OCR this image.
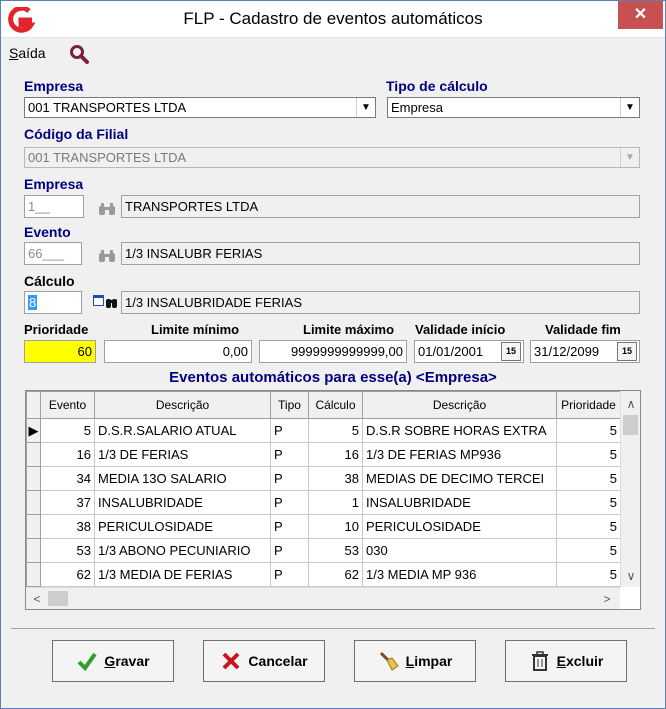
FLP - Cadastro de eventos automáticos	✕
Saída
Empresa
001 TRANSPORTES LTDA	▼
Tipo de cálculo
Empresa	▼
Código da Filial
001 TRANSPORTES LTDA	▼
Empresa
1__	TRANSPORTES LTDA
Evento
66___	1/3 INSALUBR FERIAS
Cálculo
8	1/3 INSALUBRIDADE FERIAS
Prioridade
60
Limite mínimo
0,00
Limite máximo
9999999999999,00
Validade início
01/01/2001	15
Validade fim
31/12/2099	15
Eventos automáticos para esse(a) <Empresa>
	Evento	Descrição	Tipo	Cálculo	Descrição	Prioridade
▶	5	D.S.R.SALARIO ATUAL	P	5	D.S.R SOBRE HORAS EXTRA	5
	16	1/3 DE FERIAS	P	16	1/3 DE FERIAS MP936	5
	34	MEDIA 13O SALARIO	P	38	MEDIAS DE DECIMO TERCEI	5
	37	INSALUBRIDADE	P	1	INSALUBRIDADE	5
	38	PERICULOSIDADE	P	10	PERICULOSIDADE	5
	53	1/3 ABONO PECUNIARIO	P	53	030	5
	62	1/3 MEDIA DE FERIAS	P	62	1/3 MEDIA MP 936	5
∧
∨
<	>
Gravar	Cancelar	Limpar	Excluir
